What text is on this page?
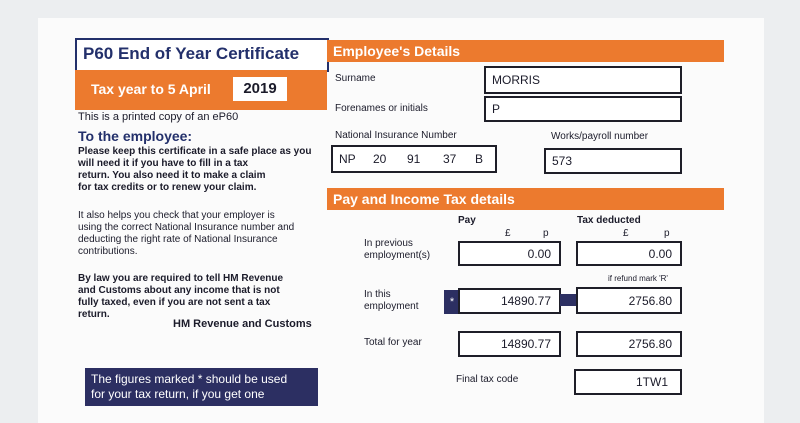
P60 End of Year Certificate
Tax year to 5 April	2019
This is a printed copy of an eP60
To the employee:
Please keep this certificate in a safe place as you
will need it if you have to fill in a tax
return. You also need it to make a claim
for tax credits or to renew your claim.
It also helps you check that your employer is
using the correct National Insurance number and
deducting the right rate of National Insurance
contributions.
By law you are required to tell HM Revenue
and Customs about any income that is not
fully taxed, even if you are not sent a tax
return.
HM Revenue and Customs
The figures marked * should be used
for your tax return, if you get one
Employee's Details
Surname	MORRIS
Forenames or initials	P
National Insurance Number	Works/payroll number
NP 20 91 37 B	573
Pay and Income Tax details
Pay	Tax deducted
£	p	£	p
In previous
employment(s)	0.00	0.00
if refund mark 'R'
In this
employment	*	14890.77	2756.80
Total for year	14890.77	2756.80
Final tax code	1TW1
